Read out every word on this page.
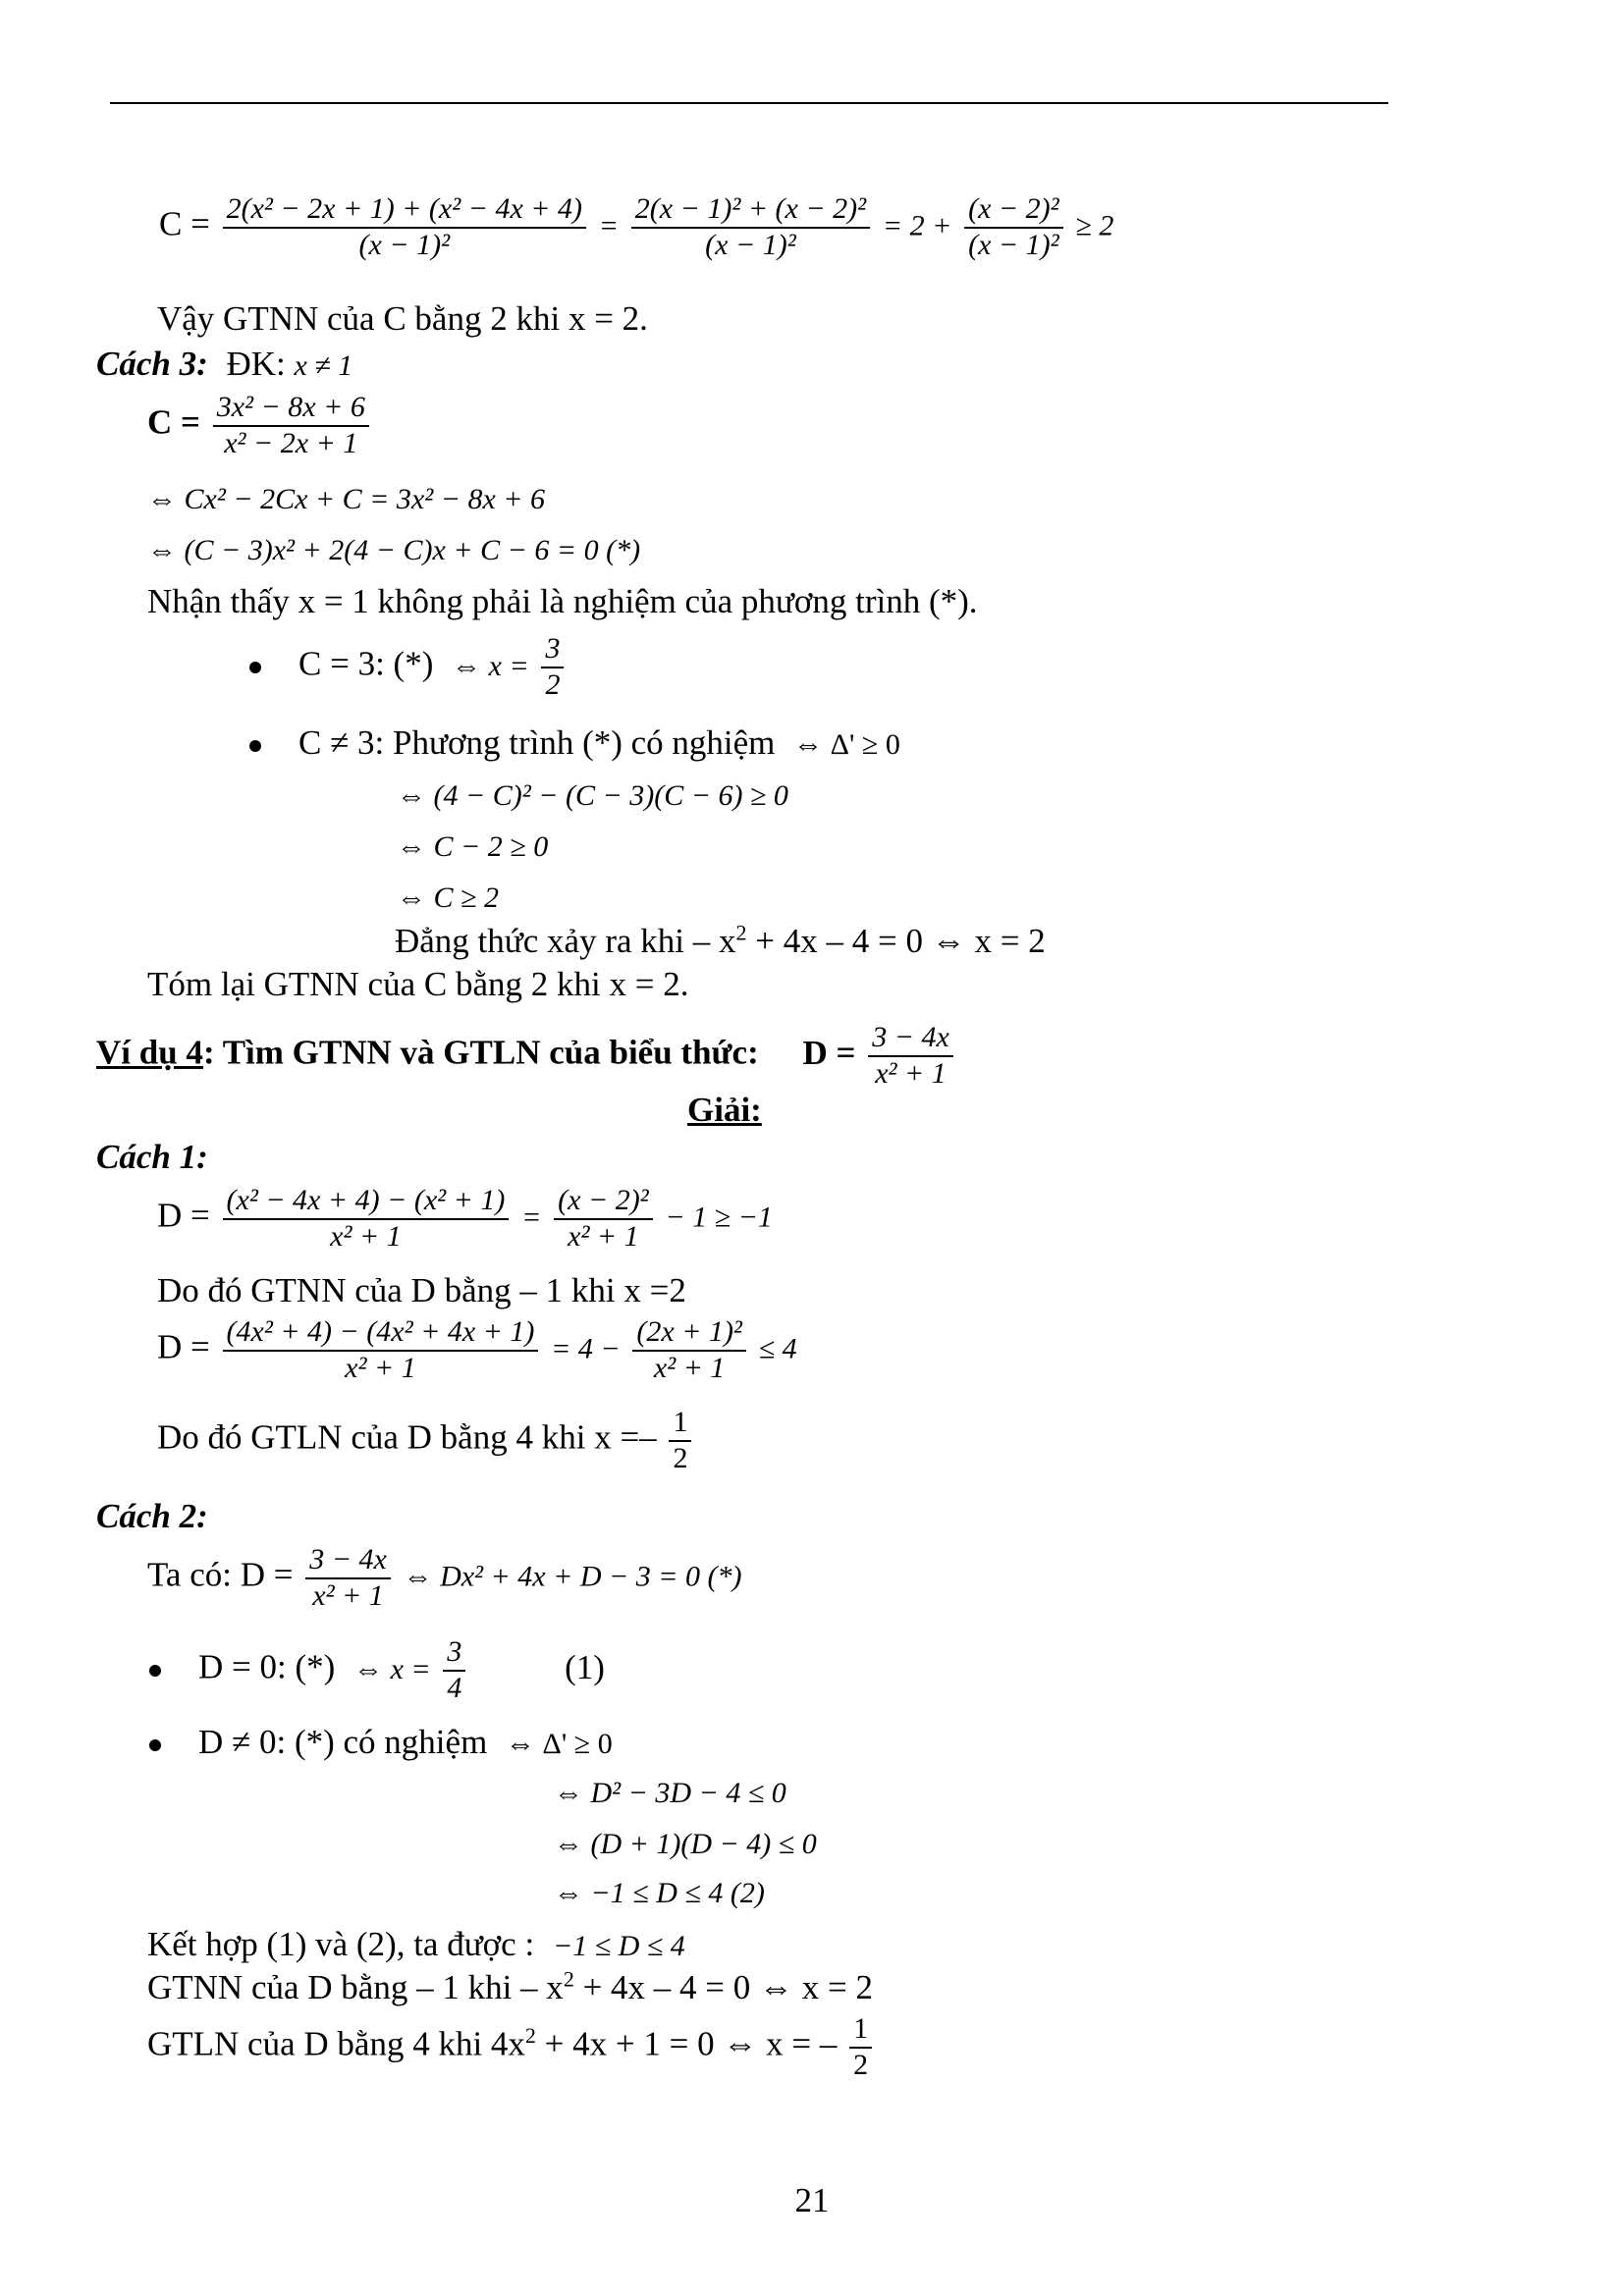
$C = \frac{\text{2(x² − 2x + 1) + (x² − 4x + 4)}}{\text{(x − 1)²}} = \frac{\text{2(x − 1)² + (x − 2)²}}{\text{(x − 1)²}} = 2 + \frac{\text{(x − 2)²}}{\text{(x − 1)²}} \ge 2$
Vậy GTNN của C bằng 2 khi x = 2.
Cách 3: ĐK: x ≠ 1
$C = \frac{\text{3x² − 8x + 6}}{\text{x² − 2x + 1}}$
⇔ Cx² − 2Cx + C = 3x² − 8x + 6
⇔ (C − 3)x² + 2(4 − C)x + C − 6 = 0 (*)
Nhận thấy x = 1 không phải là nghiệm của phương trình (*).
C = 3: (*) ⇔ $x = \frac{3}{2}$
C ≠ 3: Phương trình (*) có nghiệm ⇔ Δ' ≥ 0
⇔ (4 − C)² − (C − 3)(C − 6) ≥ 0
⇔ C − 2 ≥ 0
⇔ C ≥ 2
Đẳng thức xảy ra khi – $x^2 + 4x - 4 = 0$ ⇔ x = 2
Tóm lại GTNN của C bằng 2 khi x = 2.
Ví dụ 4: Tìm GTNN và GTLN của biểu thức: $D = \frac{3 - 4x}{\text{x² + 1}}$
Giải:
Cách 1:
$D = \frac{\text{(x² − 4x + 4) − (x² + 1)}}{\text{x² + 1}} = \frac{\text{(x − 2)²}}{\text{x² + 1}} - 1 \ge -1$
Do đó GTNN của D bằng – 1 khi x =2
$D = \frac{\text{(4x² + 4) − (4x² + 4x + 1)}}{\text{x² + 1}} = 4 - \frac{\text{(2x + 1)²}}{\text{x² + 1}} \le 4$
Do đó GTLN của D bằng 4 khi $x =- \frac{1}{2}$
Cách 2:
Ta có: $D = \frac{3 - 4x}{\text{x² + 1}}$ ⇔ Dx² + 4x + D − 3 = 0 (*)
D = 0: (*) ⇔ $x = \frac{3}{4}$	(1)
D ≠ 0: (*) có nghiệm ⇔ Δ' ≥ 0
⇔ D² − 3D − 4 ≤ 0
⇔ (D + 1)(D − 4) ≤ 0
⇔ −1 ≤ D ≤ 4 (2)
Kết hợp (1) và (2), ta được : −1 ≤ D ≤ 4
GTNN của D bằng – 1 khi – $x^2 + 4x - 4 = 0$ ⇔ x = 2
GTLN của D bằng 4 khi $4x^2 + 4x + 1 = 0$ ⇔ x = – $\frac{1}{2}$
21
